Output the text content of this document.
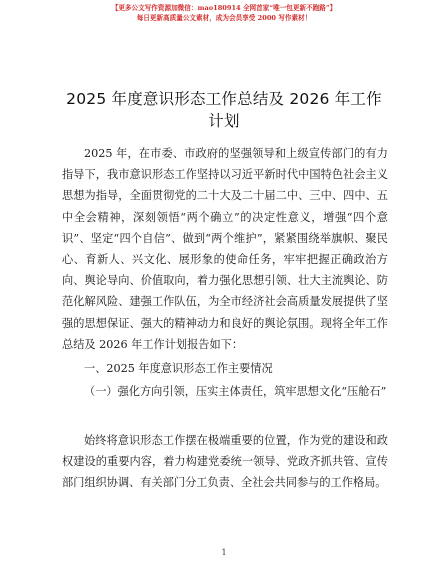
【更多公文写作资源加微信：mao180914 全网首家“唯一包更新不跑路”】
每日更新高质量公文素材，成为会员享受 2000 写作素材！
2025 年度意识形态工作总结及 2026 年工作计划
2025 年，在市委、市政府的坚强领导和上级宣传部门的有力指导下，我市意识形态工作坚持以习近平新时代中国特色社会主义思想为指导，全面贯彻党的二十大及二十届二中、三中、四中、五中全会精神，深刻领悟“两个确立”的决定性意义，增强“四个意识”、坚定“四个自信”、做到“两个维护”，紧紧围绕举旗帜、聚民心、育新人、兴文化、展形象的使命任务，牢牢把握正确政治方向、舆论导向、价值取向，着力强化思想引领、壮大主流舆论、防范化解风险、建强工作队伍，为全市经济社会高质量发展提供了坚强的思想保证、强大的精神动力和良好的舆论氛围。现将全年工作总结及 2026 年工作计划报告如下：
一、2025 年度意识形态工作主要情况
（一）强化方向引领，压实主体责任，筑牢思想文化“压舱石”
始终将意识形态工作摆在极端重要的位置，作为党的建设和政权建设的重要内容，着力构建党委统一领导、党政齐抓共管、宣传部门组织协调、有关部门分工负责、全社会共同参与的工作格局。
1
